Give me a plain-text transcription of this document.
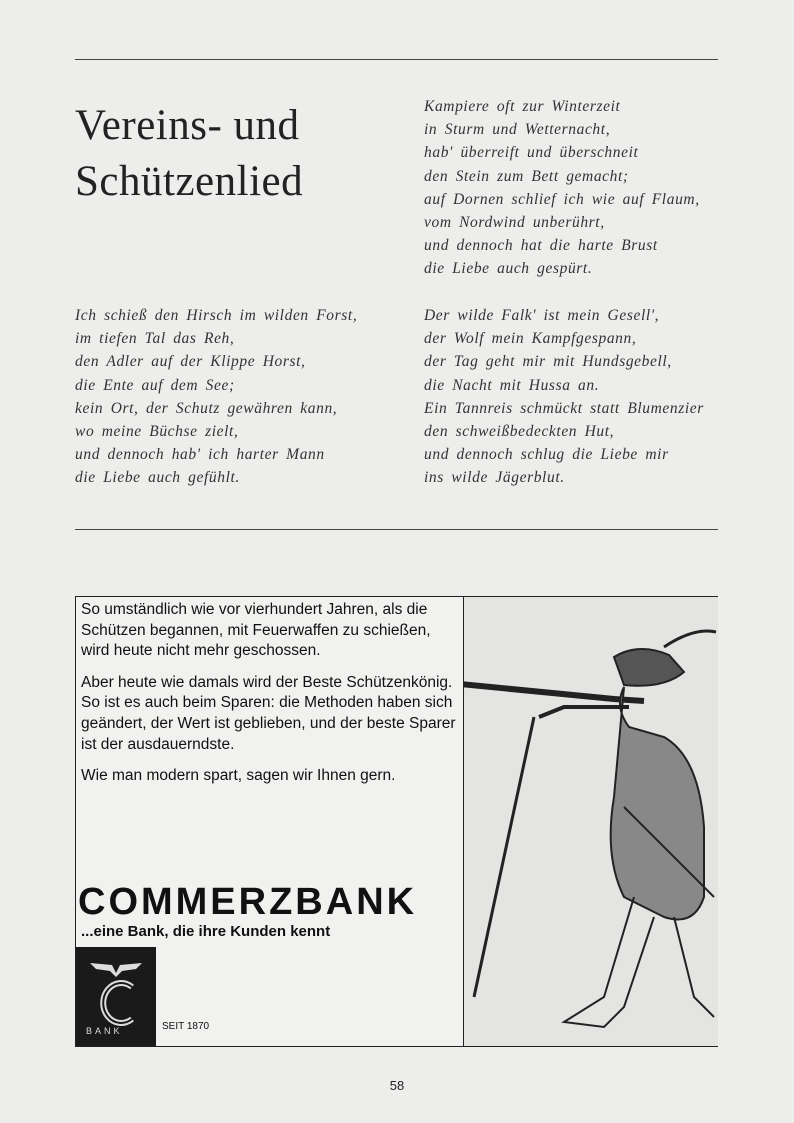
Vereins- und
Schützenlied
Kampiere oft zur Winterzeit
in Sturm und Wetternacht,
hab' überreift und überschneit
den Stein zum Bett gemacht;
auf Dornen schlief ich wie auf Flaum,
vom Nordwind unberührt,
und dennoch hat die harte Brust
die Liebe auch gespürt.
Ich schieß den Hirsch im wilden Forst,
im tiefen Tal das Reh,
den Adler auf der Klippe Horst,
die Ente auf dem See;
kein Ort, der Schutz gewähren kann,
wo meine Büchse zielt,
und dennoch hab' ich harter Mann
die Liebe auch gefühlt.
Der wilde Falk' ist mein Gesell',
der Wolf mein Kampfgespann,
der Tag geht mir mit Hundsgebell,
die Nacht mit Hussa an.
Ein Tannreis schmückt statt Blumenzier
den schweißbedeckten Hut,
und dennoch schlug die Liebe mir
ins wilde Jägerblut.

So umständlich wie vor vierhundert Jahren, als die Schützen begannen, mit Feuerwaffen zu schießen, wird heute nicht mehr geschossen.

Aber heute wie damals wird der Beste Schützenkönig. So ist es auch beim Sparen: die Methoden haben sich geändert, der Wert ist geblieben, und der beste Sparer ist der ausdauerndste.

Wie man modern spart, sagen wir Ihnen gern.

COMMERZBANK
...eine Bank, die ihre Kunden kennt
BANK	SEIT 1870
58
